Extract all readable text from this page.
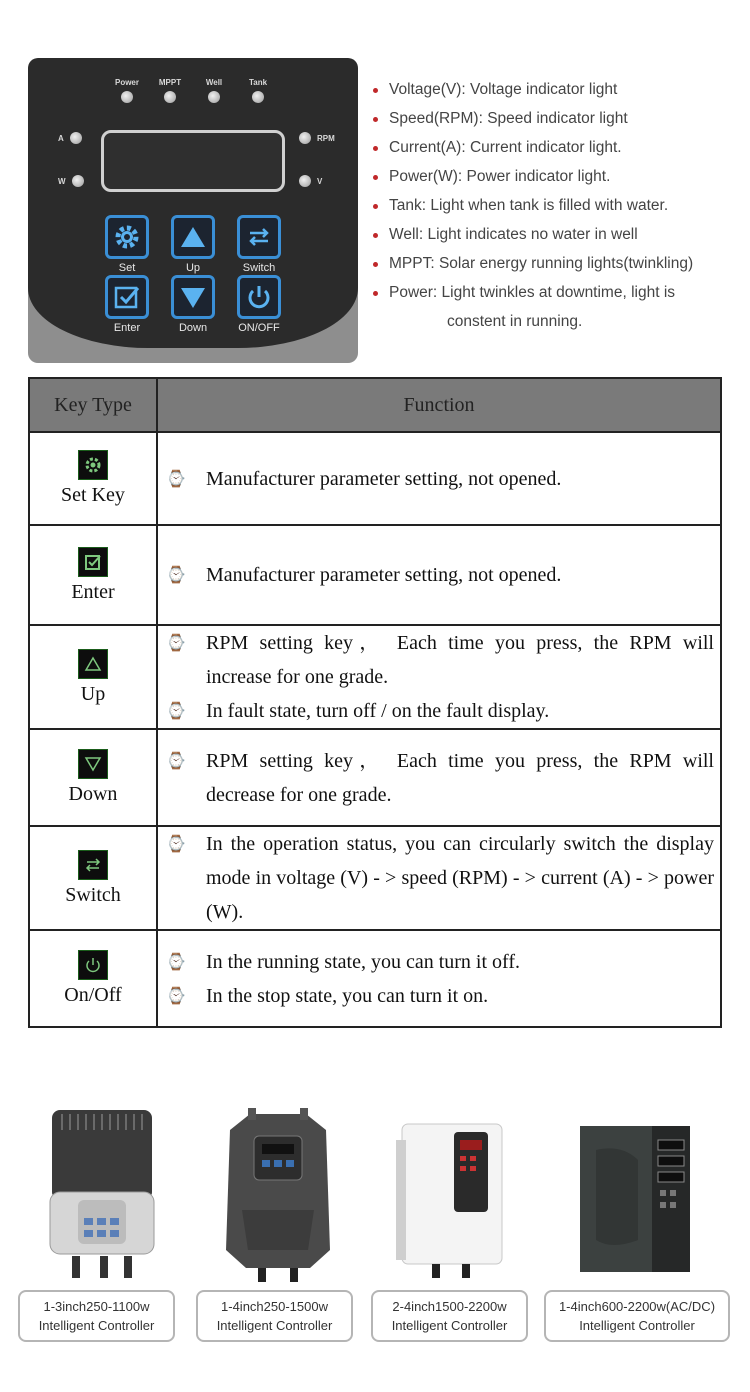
Power	MPPT	Well	Tank
A
W
RPM
V
Set	Up	Switch
Enter	Down	ON/OFF
Voltage(V): Voltage indicator light
Speed(RPM): Speed indicator light
Current(A): Current indicator light.
Power(W): Power indicator light.
Tank: Light when tank is filled with water.
Well: Light indicates no water in well
MPPT: Solar energy running lights(twinkling)
Power: Light twinkles at downtime, light is
constent in running.
Key Type	Function

Set Key	⌚ Manufacturer parameter setting, not opened.

Enter	⌚ Manufacturer parameter setting, not opened.

Up	⌚ RPM setting key， Each time you press, the RPM will increase for one grade.
⌚ In fault state, turn off / on the fault display.

Down	⌚ RPM setting key， Each time you press, the RPM will decrease for one grade.

Switch	⌚ In the operation status, you can circularly switch the display mode in voltage (V) - > speed (RPM) - > current (A) - > power (W).

On/Off	⌚ In the running state, you can turn it off.
⌚ In the stop state, you can turn it on.
1-3inch250-1100w
Intelligent Controller
1-4inch250-1500w
Intelligent Controller
2-4inch1500-2200w
Intelligent Controller
1-4inch600-2200w(AC/DC)
Intelligent Controller
